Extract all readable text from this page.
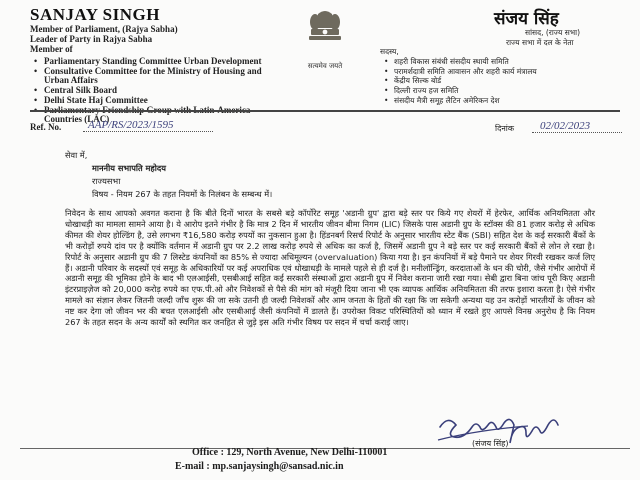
SANJAY SINGH
Member of Parliament, (Rajya Sabha)
Leader of Party in Rajya Sabha
Member of
• Parliamentary Standing Committee Urban Development
• Consultative Committee for the Ministry of Housing and Urban Affairs
• Central Silk Board
• Delhi State Haj Committee
• Countries (LAC)
सत्यमेव जयते
संजय सिंह
सांसद, (राज्य सभा)
राज्य सभा में दल के नेता
सदस्य,
• शहरी विकास संबंधी संसदीय स्थायी समिति
• परामर्शदात्री समिति आवासन और शहरी कार्य मंत्रालय
• केंद्रीय सिल्क बोर्ड
• दिल्ली राज्य हज समिति
• संसदीय मैत्री समूह लैटिन अमेरिकन देश
Ref. No. AAP/RS/2023/1595	दिनांक 02/02/2023
सेवा में,
माननीय सभापति महोदय
राज्यसभा
विषय - नियम 267 के तहत नियमों के निलंबन के सम्बन्ध में।

निवेदन के साथ आपको अवगत कराना है कि बीते दिनों भारत के सबसे बड़े कॉर्पोरेट समूह 'अडानी ग्रुप' द्वारा बड़े स्तर पर किये गए शेयरों में हेरफेर, आर्थिक अनियमितता और धोखाधड़ी का मामला सामने आया है। ये आरोप इतने गंभीर है कि मात्र 2 दिन में भारतीय जीवन बीमा निगम (LIC) जिसके पास अडानी ग्रुप के स्टॉक्स की 81 हजार करोड़ से अधिक कीमत की शेयर होल्डिंग है, उसे लगभग ₹16,580 करोड़ रुपयों का नुकसान हुआ है। हिंडनबर्ग रिसर्च रिपोर्ट के अनुसार भारतीय स्टेट बैंक (SBI) सहित देश के कई सरकारी बैंकों के भी करोड़ों रुपये दांव पर है क्योंकि वर्तमान में अडानी ग्रुप पर 2.2 लाख करोड़ रुपये से अधिक का कर्ज है, जिसमें अडानी ग्रुप ने बड़े स्तर पर कई सरकारी बैंकों से लोन ले रखा है। रिपोर्ट के अनुसार अडानी ग्रुप की 7 लिस्टेड कंपनियों का 85% से ज्यादा अधिमूल्यन (overvaluation) किया गया है। इन कंपनियों में बड़े पैमाने पर शेयर गिरवी रखकर कर्ज लिए हैं। अडानी परिवार के सदस्यों एवं समूह के अधिकारियों पर कई अपराधिक एवं धोखाधड़ी के मामले पहले से ही दर्ज है। मनीलॉन्ड्रिंग, करदाताओं के धन की चोरी, जैसे गंभीर आरोपों में अडानी समूह की भूमिका होने के बाद भी एलआईसी, एसबीआई सहित कई सरकारी संस्थाओं द्वारा अडानी ग्रुप में निवेश कराना जारी रखा गया। सेबी द्वारा बिना जांच पूरी किए अडानी इंटरप्राइज़ेज को 20,000 करोड़ रुपये का एफ.पी.ओ और निवेशकों से पैसे की मांग को मंजूरी दिया जाना भी एक व्यापक आर्थिक अनियमितता की तरफ इशारा करता है। ऐसे गंभीर मामले का संज्ञान लेकर जितनी जल्दी जाँच शुरू की जा सके उतनी ही जल्दी निवेशकों और आम जनता के हितों की रक्षा कि जा सकेगी अन्यथा यह उन करोड़ों भारतीयों के जीवन को नष्ट कर देगा जो जीवन भर की बचत एलआईसी और एसबीआई जैसी कंपनियों में डालते हैं। उपरोक्त विकट परिस्थितियों को ध्यान में रखते हुए आपसे विनम्र अनुरोध है कि नियम 267 के तहत सदन के अन्य कार्यों को स्थगित कर जनहित से जुड़े इस अति गंभीर विषय पर सदन में चर्चा कराई जाए।

(संजय सिंह)
Office : 129, North Avenue, New Delhi-110001
E-mail : mp.sanjaysingh@sansad.nic.in
